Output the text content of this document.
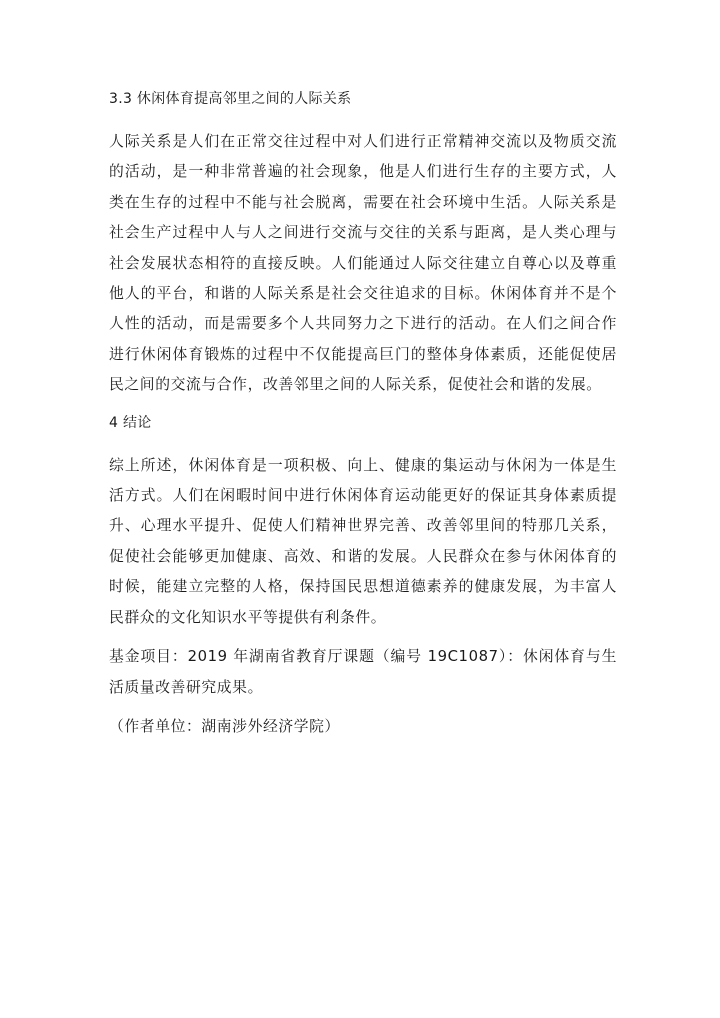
3.3 休闲体育提高邻里之间的人际关系

人际关系是人们在正常交往过程中对人们进行正常精神交流以及物质交流的活动，是一种非常普遍的社会现象，他是人们进行生存的主要方式，人类在生存的过程中不能与社会脱离，需要在社会环境中生活。人际关系是社会生产过程中人与人之间进行交流与交往的关系与距离，是人类心理与社会发展状态相符的直接反映。人们能通过人际交往建立自尊心以及尊重他人的平台，和谐的人际关系是社会交往追求的目标。休闲体育并不是个人性的活动，而是需要多个人共同努力之下进行的活动。在人们之间合作进行休闲体育锻炼的过程中不仅能提高巨门的整体身体素质，还能促使居民之间的交流与合作，改善邻里之间的人际关系，促使社会和谐的发展。

4 结论

综上所述，休闲体育是一项积极、向上、健康的集运动与休闲为一体是生活方式。人们在闲暇时间中进行休闲体育运动能更好的保证其身体素质提升、心理水平提升、促使人们精神世界完善、改善邻里间的特那几关系，促使社会能够更加健康、高效、和谐的发展。人民群众在参与休闲体育的时候，能建立完整的人格，保持国民思想道德素养的健康发展，为丰富人民群众的文化知识水平等提供有利条件。

基金项目：2019 年湖南省教育厅课题（编号 19C1087）：休闲体育与生活质量改善研究成果。

（作者单位：湖南涉外经济学院）
